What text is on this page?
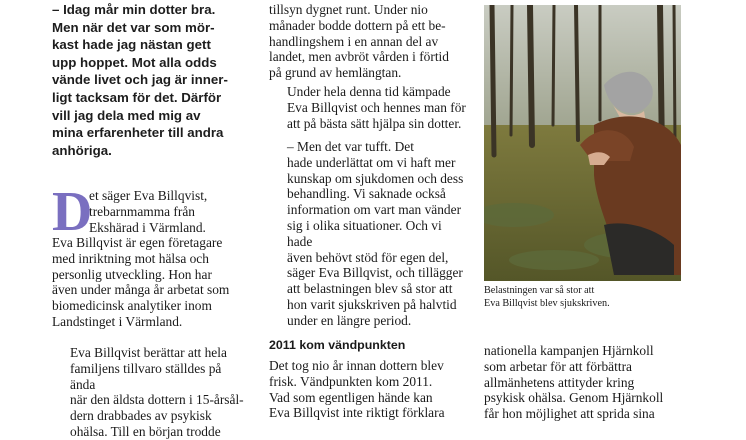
– Idag mår min dotter bra.
Men när det var som mör-
kast hade jag nästan gett
upp hoppet. Mot alla odds
vände livet och jag är inner-
ligt tacksam för det. Därför
vill jag dela med mig av
mina erfarenheter till andra
anhöriga.

D
et säger Eva Billqvist,
trebarnmamma från
Ekshärad i Värmland.

Eva Billqvist är egen företagare
med inriktning mot hälsa och
personlig utveckling. Hon har
även under många år arbetat som
biomedicinsk analytiker inom
Landstinget i Värmland.

Eva Billqvist berättar att hela
familjens tillvaro ställdes på ända
när den äldsta dottern i 15-årsål-
dern drabbades av psykisk
ohälsa. Till en början trodde

tillsyn dygnet runt. Under nio
månader bodde dottern på ett be-
handlingshem i en annan del av
landet, men avbröt vården i förtid
på grund av hemlängtan.

Under hela denna tid kämpade
Eva Billqvist och hennes man för
att på bästa sätt hjälpa sin dotter.

– Men det var tufft. Det
hade underlättat om vi haft mer
kunskap om sjukdomen och dess
behandling. Vi saknade också
information om vart man vänder
sig i olika situationer. Och vi hade
även behövt stöd för egen del,
säger Eva Billqvist, och tillägger
att belastningen blev så stor att
hon varit sjukskriven på halvtid
under en längre period.

2011 kom vändpunkten

Det tog nio år innan dottern blev
frisk. Vändpunkten kom 2011.
Vad som egentligen hände kan
Eva Billqvist inte riktigt förklara

Belastningen var så stor att
Eva Billqvist blev sjukskriven.

nationella kampanjen Hjärnkoll
som arbetar för att förbättra
allmänhetens attityder kring
psykisk ohälsa. Genom Hjärnkoll
får hon möjlighet att sprida sina
